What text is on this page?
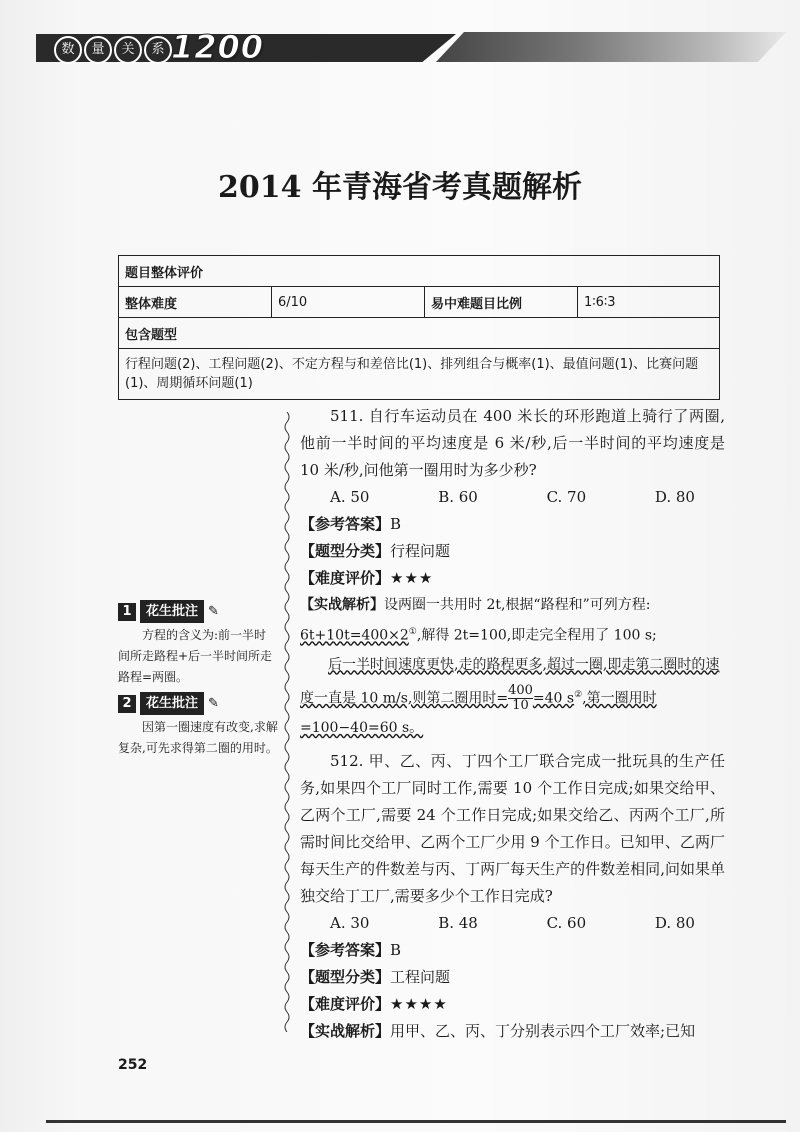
数	量	关	系 1200
2014 年青海省考真题解析
题目整体评价
整体难度	6/10	易中难题目比例	1∶6∶3
包含题型
行程问题(2)、工程问题(2)、不定方程与和差倍比(1)、排列组合与概率(1)、最值问题(1)、比赛问题(1)、周期循环问题(1)
1	花生批注 ✎
方程的含义为:前一半时间所走路程+后一半时间所走路程=两圈。
2	花生批注 ✎
因第一圈速度有改变,求解复杂,可先求得第二圈的用时。

511. 自行车运动员在 400 米长的环形跑道上骑行了两圈,他前一半时间的平均速度是 6 米/秒,后一半时间的平均速度是 10 米/秒,问他第一圈用时为多少秒?

A. 50	B. 60	C. 70	D. 80
【参考答案】B
【题型分类】行程问题
【难度评价】★★★
【实战解析】设两圈一共用时 2t,根据“路程和”可列方程: 6t+10t=400×2①,解得 2t=100,即走完全程用了 100 s;
后一半时间速度更快,走的路程更多,超过一圈,即走第二圈时的速度一直是 10 m/s,则第二圈用时= $\frac{400}{10} =40$ s②,第一圈用时=100−40=60 s。

512. 甲、乙、丙、丁四个工厂联合完成一批玩具的生产任务,如果四个工厂同时工作,需要 10 个工作日完成;如果交给甲、乙两个工厂,需要 24 个工作日完成;如果交给乙、丙两个工厂,所需时间比交给甲、乙两个工厂少用 9 个工作日。已知甲、乙两厂每天生产的件数差与丙、丁两厂每天生产的件数差相同,问如果单独交给丁工厂,需要多少个工作日完成?

A. 30	B. 48	C. 60	D. 80
【参考答案】B
【题型分类】工程问题
【难度评价】★★★★
【实战解析】用甲、乙、丙、丁分别表示四个工厂效率;已知
252
